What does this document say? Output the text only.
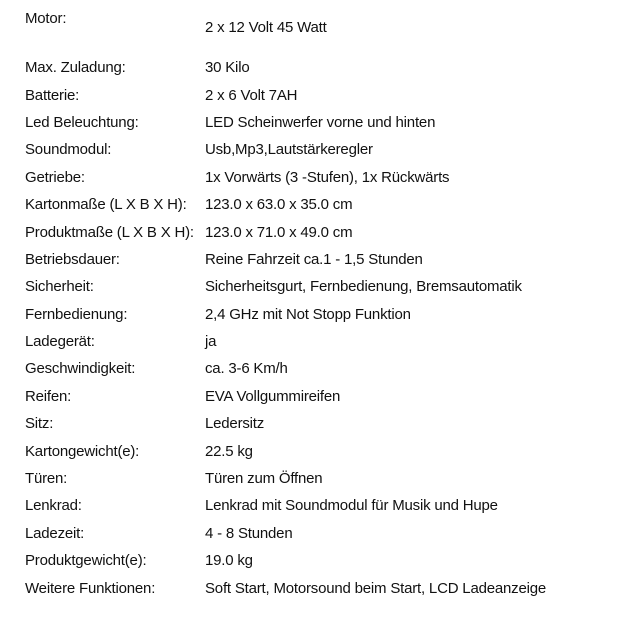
Motor:
2 x 12 Volt 45 Watt
Max. Zuladung:	30 Kilo
Batterie:	2 x 6 Volt 7AH
Led Beleuchtung:	LED Scheinwerfer vorne und hinten
Soundmodul:	Usb,Mp3,Lautstärkeregler
Getriebe:	1x Vorwärts (3 -Stufen), 1x Rückwärts
Kartonmaße (L X B X H):	123.0 x 63.0 x 35.0 cm
Produktmaße (L X B X H): 123.0 x 71.0 x 49.0 cm
Betriebsdauer:	Reine Fahrzeit ca.1 - 1,5 Stunden
Sicherheit:	Sicherheitsgurt, Fernbedienung, Bremsautomatik
Fernbedienung:	2,4 GHz mit Not Stopp Funktion
Ladegerät:	ja
Geschwindigkeit:	ca. 3-6 Km/h
Reifen:	EVA Vollgummireifen
Sitz:	Ledersitz
Kartongewicht(e):	22.5 kg
Türen:	Türen zum Öffnen
Lenkrad:	Lenkrad mit Soundmodul für Musik und Hupe
Ladezeit:	4 - 8 Stunden
Produktgewicht(e):	19.0 kg
Weitere Funktionen:	Soft Start, Motorsound beim Start, LCD Ladeanzeige
